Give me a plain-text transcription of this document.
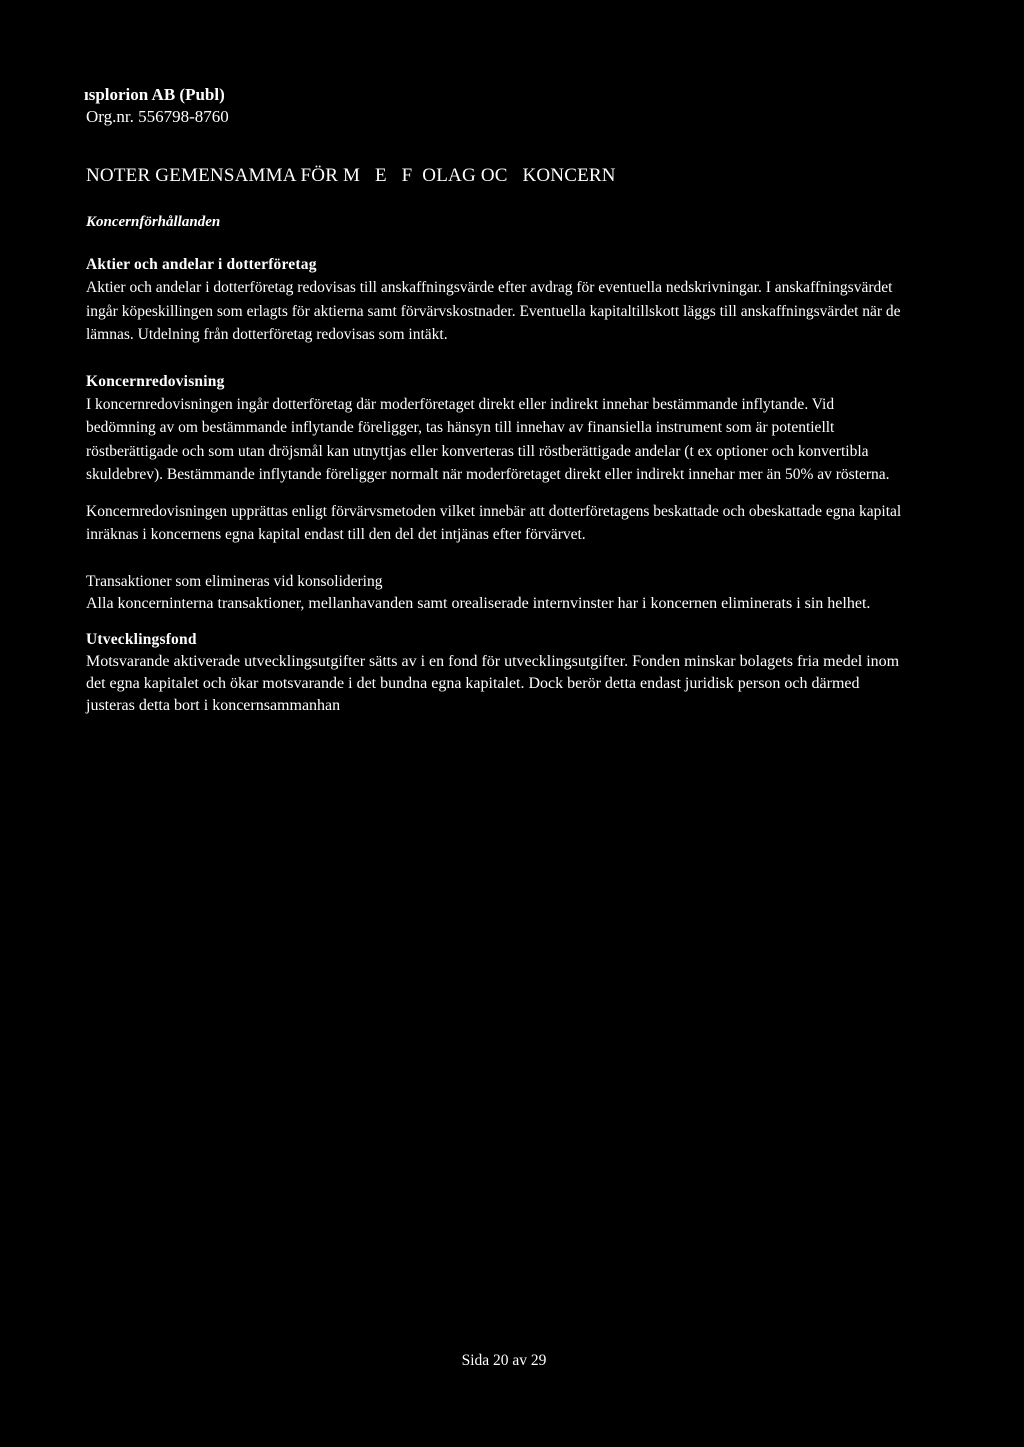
ısplorion AB (Publ)
Org.nr. 556798-8760
NOTER GEMENSAMMA FÖR M   E   F  OLAG OC   KONCERN
Koncernförhållanden
Aktier och andelar i dotterföretag

Aktier och andelar i dotterföretag redovisas till anskaffningsvärde efter avdrag för eventuella nedskrivningar. I anskaffningsvärdet ingår köpeskillingen som erlagts för aktierna samt förvärvskostnader. Eventuella kapitaltillskott läggs till anskaffningsvärdet när de lämnas. Utdelning från dotterföretag redovisas som intäkt.

Koncernredovisning

I koncernredovisningen ingår dotterföretag där moderföretaget direkt eller indirekt innehar bestämmande inflytande. Vid bedömning av om bestämmande inflytande föreligger, tas hänsyn till innehav av finansiella instrument som är potentiellt röstberättigade och som utan dröjsmål kan utnyttjas eller konverteras till röstberättigade andelar (t ex optioner och konvertibla skuldebrev). Bestämmande inflytande föreligger normalt när moderföretaget direkt eller indirekt innehar mer än 50% av rösterna.

Koncernredovisningen upprättas enligt förvärvsmetoden vilket innebär att dotterföretagens beskattade och obeskattade egna kapital inräknas i koncernens egna kapital endast till den del det intjänas efter förvärvet.

Transaktioner som elimineras vid konsolidering

Alla koncerninterna transaktioner, mellanhavanden samt orealiserade internvinster har i koncernen eliminerats i sin helhet.

Utvecklingsfond

Motsvarande aktiverade utvecklingsutgifter sätts av i en fond för utvecklingsutgifter. Fonden minskar bolagets fria medel inom det egna kapitalet och ökar motsvarande i det bundna egna kapitalet. Dock berör detta endast juridisk person och därmed justeras detta bort i koncernsammanhan

Sida 20 av 29
